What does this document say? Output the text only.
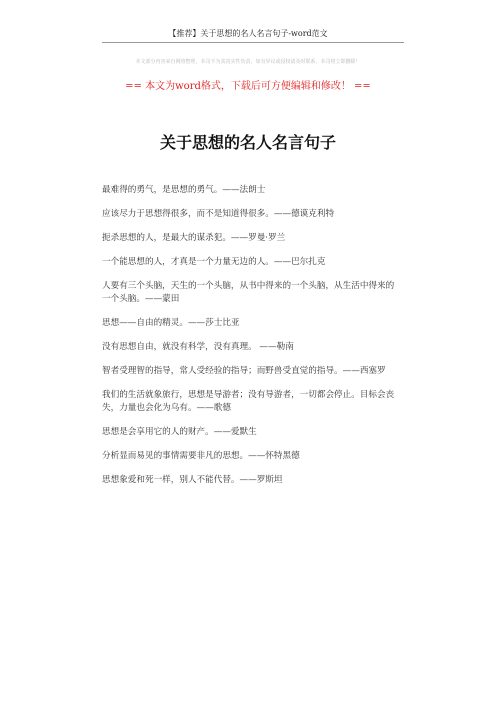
【推荐】关于思想的名人名言句子-word范文
本文部分内容来自网络整理，本司不为其真实性负责，如有异议或侵权请及时联系，本司将立即删除！
== 本文为word格式，下载后可方便编辑和修改！ ==
关于思想的名人名言句子
最难得的勇气，是思想的勇气。——法朗士
应该尽力于思想得很多，而不是知道得很多。——德谟克利特
扼杀思想的人，是最大的谋杀犯。——罗曼·罗兰
一个能思想的人，才真是一个力量无边的人。——巴尔扎克
人要有三个头脑，天生的一个头脑，从书中得来的一个头脑，从生活中得来的一个头脑。——蒙田
思想——自由的精灵。——莎士比亚
没有思想自由，就没有科学，没有真理。 ——勒南
智者受理智的指导，常人受经验的指导；而野兽受直觉的指导。——西塞罗
我们的生活就象旅行，思想是导游者；没有导游者，一切都会停止。目标会丧失，力量也会化为乌有。——歌德
思想是会享用它的人的财产。——爱默生
分析显而易见的事情需要非凡的思想。——怀特黑德
思想象爱和死一样，别人不能代替。——罗斯坦
